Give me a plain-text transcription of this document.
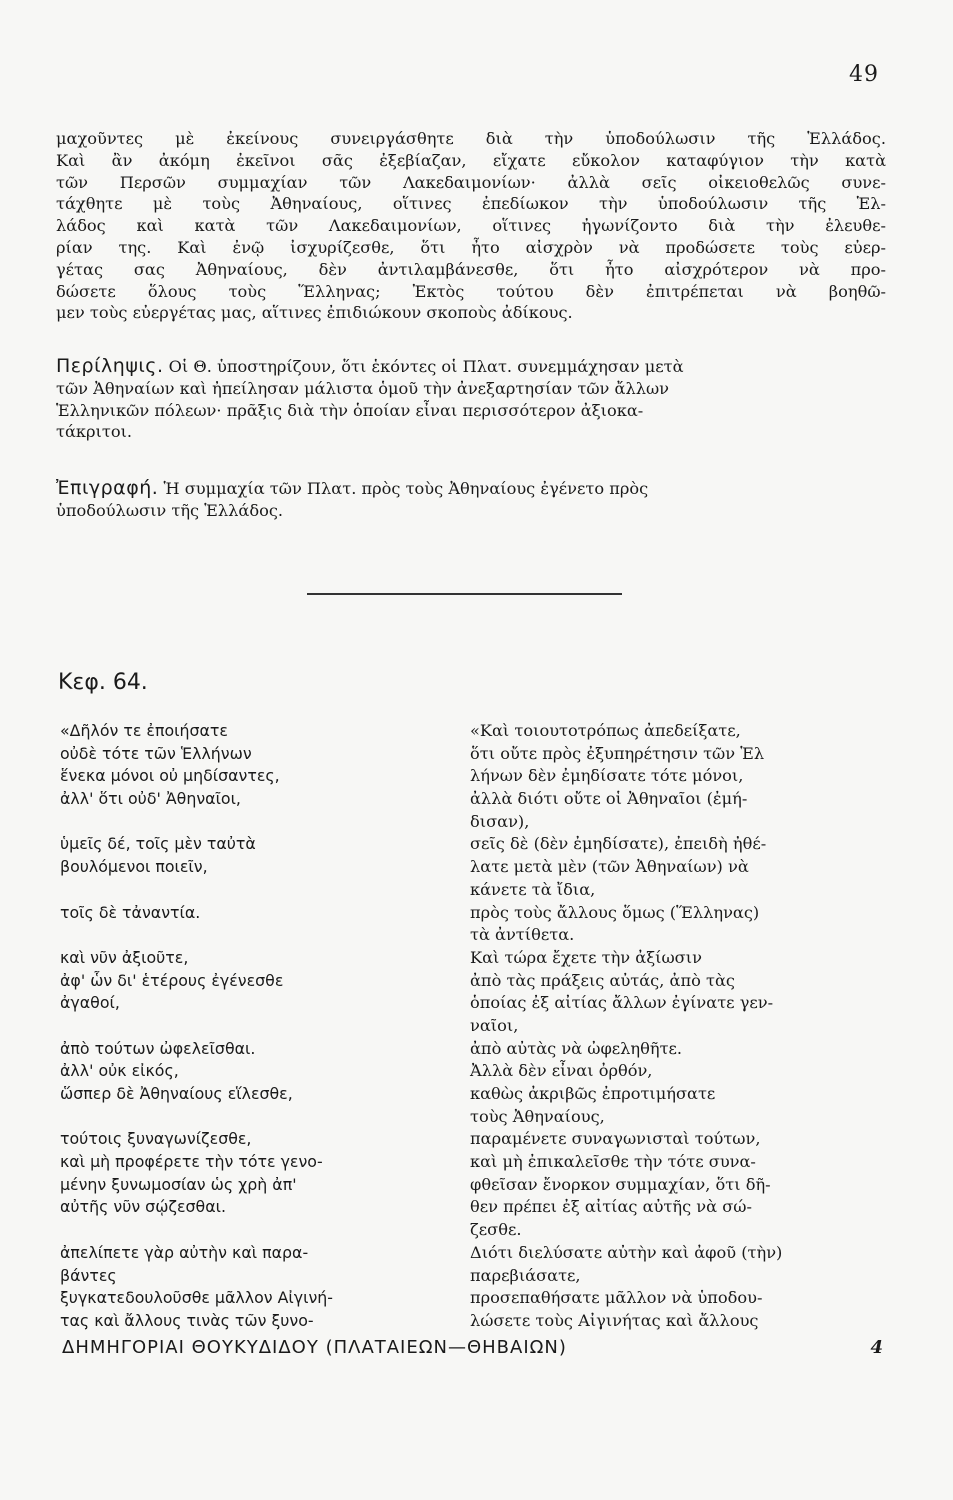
49
μαχοῦντες μὲ ἐκείνους συνειργάσθητε διὰ τὴν ὑποδούλωσιν τῆς Ἑλλάδος.
Καὶ ἂν ἀκόμη ἐκεῖνοι σᾶς ἐξεβίαζαν, εἴχατε εὔκολον καταφύγιον τὴν κατὰ
τῶν Περσῶν συμμαχίαν τῶν Λακεδαιμονίων· ἀλλὰ σεῖς οἰκειοθελῶς συνε-
τάχθητε μὲ τοὺς Ἀθηναίους, οἵτινες ἐπεδίωκον τὴν ὑποδούλωσιν τῆς Ἑλ-
λάδος καὶ κατὰ τῶν Λακεδαιμονίων, οἵτινες ἠγωνίζοντο διὰ τὴν ἐλευθε-
ρίαν της. Καὶ ἐνῷ ἰσχυρίζεσθε, ὅτι ἦτο αἰσχρὸν νὰ προδώσετε τοὺς εὐερ-
γέτας σας Ἀθηναίους, δὲν ἀντιλαμβάνεσθε, ὅτι ἦτο αἰσχρότερον νὰ προ-
δώσετε ὅλους τοὺς Ἕλληνας; Ἐκτὸς τούτου δὲν ἐπιτρέπεται νὰ βοηθῶ-
μεν τοὺς εὐεργέτας μας, αἵτινες ἐπιδιώκουν σκοποὺς ἀδίκους.
Περίληψις. Οἱ Θ. ὑποστηρίζουν, ὅτι ἑκόντες οἱ Πλατ. συνεμμάχησαν μετὰ
τῶν Ἀθηναίων καὶ ἠπείλησαν μάλιστα ὁμοῦ τὴν ἀνεξαρτησίαν τῶν ἄλλων
Ἑλληνικῶν πόλεων· πρᾶξις διὰ τὴν ὁποίαν εἶναι περισσότερον ἀξιοκα-
τάκριτοι.
Ἐπιγραφή. Ἡ συμμαχία τῶν Πλατ. πρὸς τοὺς Ἀθηναίους ἐγένετο πρὸς
ὑποδούλωσιν τῆς Ἑλλάδος.
Κεφ. 64.
«Δῆλόν τε ἐποιήσατε
οὐδὲ τότε τῶν Ἑλλήνων
ἕνεκα μόνοι οὐ μηδίσαντες,
ἀλλ' ὅτι οὐδ' Ἀθηναῖοι,
ὑμεῖς δέ, τοῖς μὲν ταὐτὰ
βουλόμενοι ποιεῖν,
τοῖς δὲ τἀναντία.
καὶ νῦν ἀξιοῦτε,
ἀφ' ὧν δι' ἑτέρους ἐγένεσθε
ἀγαθοί,
ἀπὸ τούτων ὠφελεῖσθαι.
ἀλλ' οὐκ εἰκός,
ὥσπερ δὲ Ἀθηναίους εἵλεσθε,
τούτοις ξυναγωνίζεσθε,
καὶ μὴ προφέρετε τὴν τότε γενο-
μένην ξυνωμοσίαν ὡς χρὴ ἀπ'
αὐτῆς νῦν σῴζεσθαι.
ἀπελίπετε γὰρ αὐτὴν καὶ παρα-
βάντες
ξυγκατεδουλοῦσθε μᾶλλον Αἰγινή-
τας καὶ ἄλλους τινὰς τῶν ξυνο-
«Καὶ τοιουτοτρόπως ἀπεδείξατε,
ὅτι οὔτε πρὸς ἐξυπηρέτησιν τῶν Ἑλ
λήνων δὲν ἐμηδίσατε τότε μόνοι,
ἀλλὰ διότι οὔτε οἱ Ἀθηναῖοι (ἐμή-
δισαν),
σεῖς δὲ (δὲν ἐμηδίσατε), ἐπειδὴ ἠθέ-
λατε μετὰ μὲν (τῶν Ἀθηναίων) νὰ
κάνετε τὰ ἴδια,
πρὸς τοὺς ἄλλους ὅμως (Ἕλληνας)
τὰ ἀντίθετα.
Καὶ τώρα ἔχετε τὴν ἀξίωσιν
ἀπὸ τὰς πράξεις αὐτάς, ἀπὸ τὰς
ὁποίας ἐξ αἰτίας ἄλλων ἐγίνατε γεν-
ναῖοι,
ἀπὸ αὐτὰς νὰ ὠφεληθῆτε.
Ἀλλὰ δὲν εἶναι ὀρθόν,
καθὼς ἀκριβῶς ἐπροτιμήσατε
τοὺς Ἀθηναίους,
παραμένετε συναγωνισταὶ τούτων,
καὶ μὴ ἐπικαλεῖσθε τὴν τότε συνα-
φθεῖσαν ἔνορκον συμμαχίαν, ὅτι δῆ-
θεν πρέπει ἐξ αἰτίας αὐτῆς νὰ σώ-
ζεσθε.
Διότι διελύσατε αὐτὴν καὶ ἀφοῦ (τὴν)
παρεβιάσατε,
προσεπαθήσατε μᾶλλον νὰ ὑποδου-
λώσετε τοὺς Αἰγινήτας καὶ ἄλλους
ΔΗΜΗΓΟΡΙΑΙ ΘΟΥΚΥΔΙΔΟΥ (ΠΛΑΤΑΙΕΩΝ—ΘΗΒΑΙΩΝ)	4
